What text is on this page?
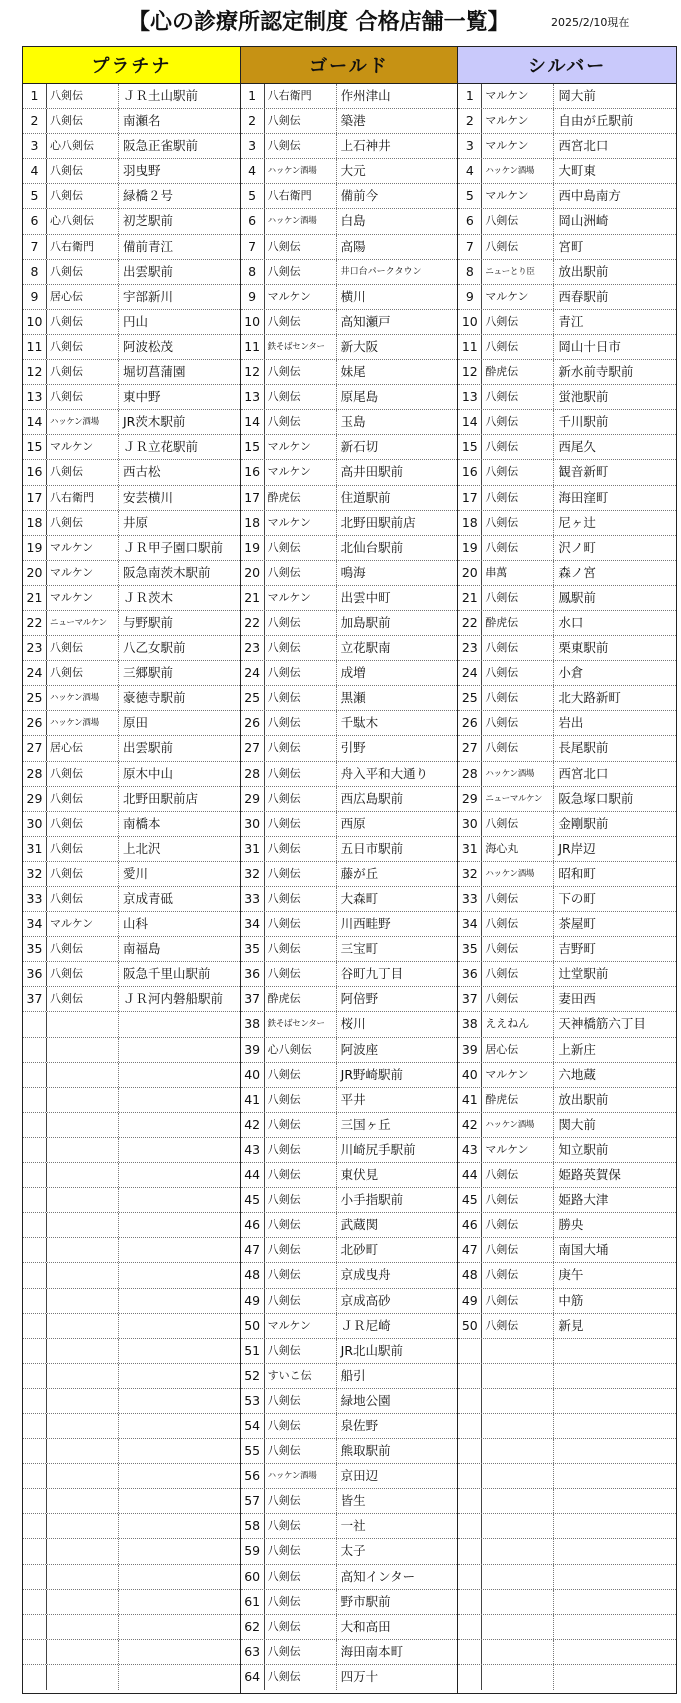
【心の診療所認定制度 合格店舗一覧】	2025/2/10現在
プラチナ
1	八剣伝	ＪＲ土山駅前
2	八剣伝	南瀬名
3	心八剣伝	阪急正雀駅前
4	八剣伝	羽曳野
5	八剣伝	緑橋２号
6	心八剣伝	初芝駅前
7	八右衛門	備前青江
8	八剣伝	出雲駅前
9	居心伝	宇部新川
10 八剣伝	円山
11 八剣伝	阿波松茂
12 八剣伝	堀切菖蒲園
13 八剣伝	東中野
14 ハッケン酒場	JR茨木駅前
15 マルケン	ＪＲ立花駅前
16 八剣伝	西古松
17 八右衛門	安芸横川
18 八剣伝	井原
19 マルケン	ＪＲ甲子園口駅前
20 マルケン	阪急南茨木駅前
21 マルケン	ＪＲ茨木
22 ニューマルケン	与野駅前
23 八剣伝	八乙女駅前
24 八剣伝	三郷駅前
25 ハッケン酒場	豪徳寺駅前
26 ハッケン酒場	原田
27 居心伝	出雲駅前
28 八剣伝	原木中山
29 八剣伝	北野田駅前店
30 八剣伝	南橋本
31 八剣伝	上北沢
32 八剣伝	愛川
33 八剣伝	京成青砥
34 マルケン	山科
35 八剣伝	南福島
36 八剣伝	阪急千里山駅前
37 八剣伝	ＪＲ河内磐船駅前
ゴールド
1	八右衛門	作州津山
2	八剣伝	築港
3	八剣伝	上石神井
4	ハッケン酒場	大元
5	八右衛門	備前今
6	ハッケン酒場	白島
7	八剣伝	高陽
8	八剣伝	井口台パークタウン
9	マルケン	横川
10 八剣伝	高知瀬戸
11 鉄そばセンター	新大阪
12 八剣伝	妹尾
13 八剣伝	原尾島
14 八剣伝	玉島
15 マルケン	新石切
16 マルケン	高井田駅前
17 酔虎伝	住道駅前
18 マルケン	北野田駅前店
19 八剣伝	北仙台駅前
20 八剣伝	鳴海
21 マルケン	出雲中町
22 八剣伝	加島駅前
23 八剣伝	立花駅南
24 八剣伝	成増
25 八剣伝	黒瀬
26 八剣伝	千駄木
27 八剣伝	引野
28 八剣伝	舟入平和大通り
29 八剣伝	西広島駅前
30 八剣伝	西原
31 八剣伝	五日市駅前
32 八剣伝	藤が丘
33 八剣伝	大森町
34 八剣伝	川西畦野
35 八剣伝	三宝町
36 八剣伝	谷町九丁目
37 酔虎伝	阿倍野
38 鉄そばセンター	桜川
39 心八剣伝	阿波座
40 八剣伝	JR野崎駅前
41 八剣伝	平井
42 八剣伝	三国ヶ丘
43 八剣伝	川崎尻手駅前
44 八剣伝	東伏見
45 八剣伝	小手指駅前
46 八剣伝	武蔵関
47 八剣伝	北砂町
48 八剣伝	京成曳舟
49 八剣伝	京成高砂
50 マルケン	ＪＲ尼崎
51 八剣伝	JR北山駅前
52 すいこ伝	船引
53 八剣伝	緑地公園
54 八剣伝	泉佐野
55 八剣伝	熊取駅前
56 ハッケン酒場	京田辺
57 八剣伝	皆生
58 八剣伝	一社
59 八剣伝	太子
60 八剣伝	高知インター
61 八剣伝	野市駅前
62 八剣伝	大和高田
63 八剣伝	海田南本町
64 八剣伝	四万十
シルバー
1	マルケン	岡大前
2	マルケン	自由が丘駅前
3	マルケン	西宮北口
4	ハッケン酒場	大町東
5	マルケン	西中島南方
6	八剣伝	岡山洲崎
7	八剣伝	宮町
8	ニューとり臣	放出駅前
9	マルケン	西春駅前
10 八剣伝	青江
11 八剣伝	岡山十日市
12 酔虎伝	新水前寺駅前
13 八剣伝	蛍池駅前
14 八剣伝	千川駅前
15 八剣伝	西尾久
16 八剣伝	観音新町
17 八剣伝	海田窪町
18 八剣伝	尼ヶ辻
19 八剣伝	沢ノ町
20 串萬	森ノ宮
21 八剣伝	鳳駅前
22 酔虎伝	水口
23 八剣伝	栗東駅前
24 八剣伝	小倉
25 八剣伝	北大路新町
26 八剣伝	岩出
27 八剣伝	長尾駅前
28 ハッケン酒場	西宮北口
29 ニューマルケン	阪急塚口駅前
30 八剣伝	金剛駅前
31 海心丸	JR岸辺
32 ハッケン酒場	昭和町
33 八剣伝	下の町
34 八剣伝	茶屋町
35 八剣伝	吉野町
36 八剣伝	辻堂駅前
37 八剣伝	妻田西
38 ええねん	天神橋筋六丁目
39 居心伝	上新庄
40 マルケン	六地蔵
41 酔虎伝	放出駅前
42 ハッケン酒場	関大前
43 マルケン	知立駅前
44 八剣伝	姫路英賀保
45 八剣伝	姫路大津
46 八剣伝	勝央
47 八剣伝	南国大埇
48 八剣伝	庚午
49 八剣伝	中筋
50 八剣伝	新見
